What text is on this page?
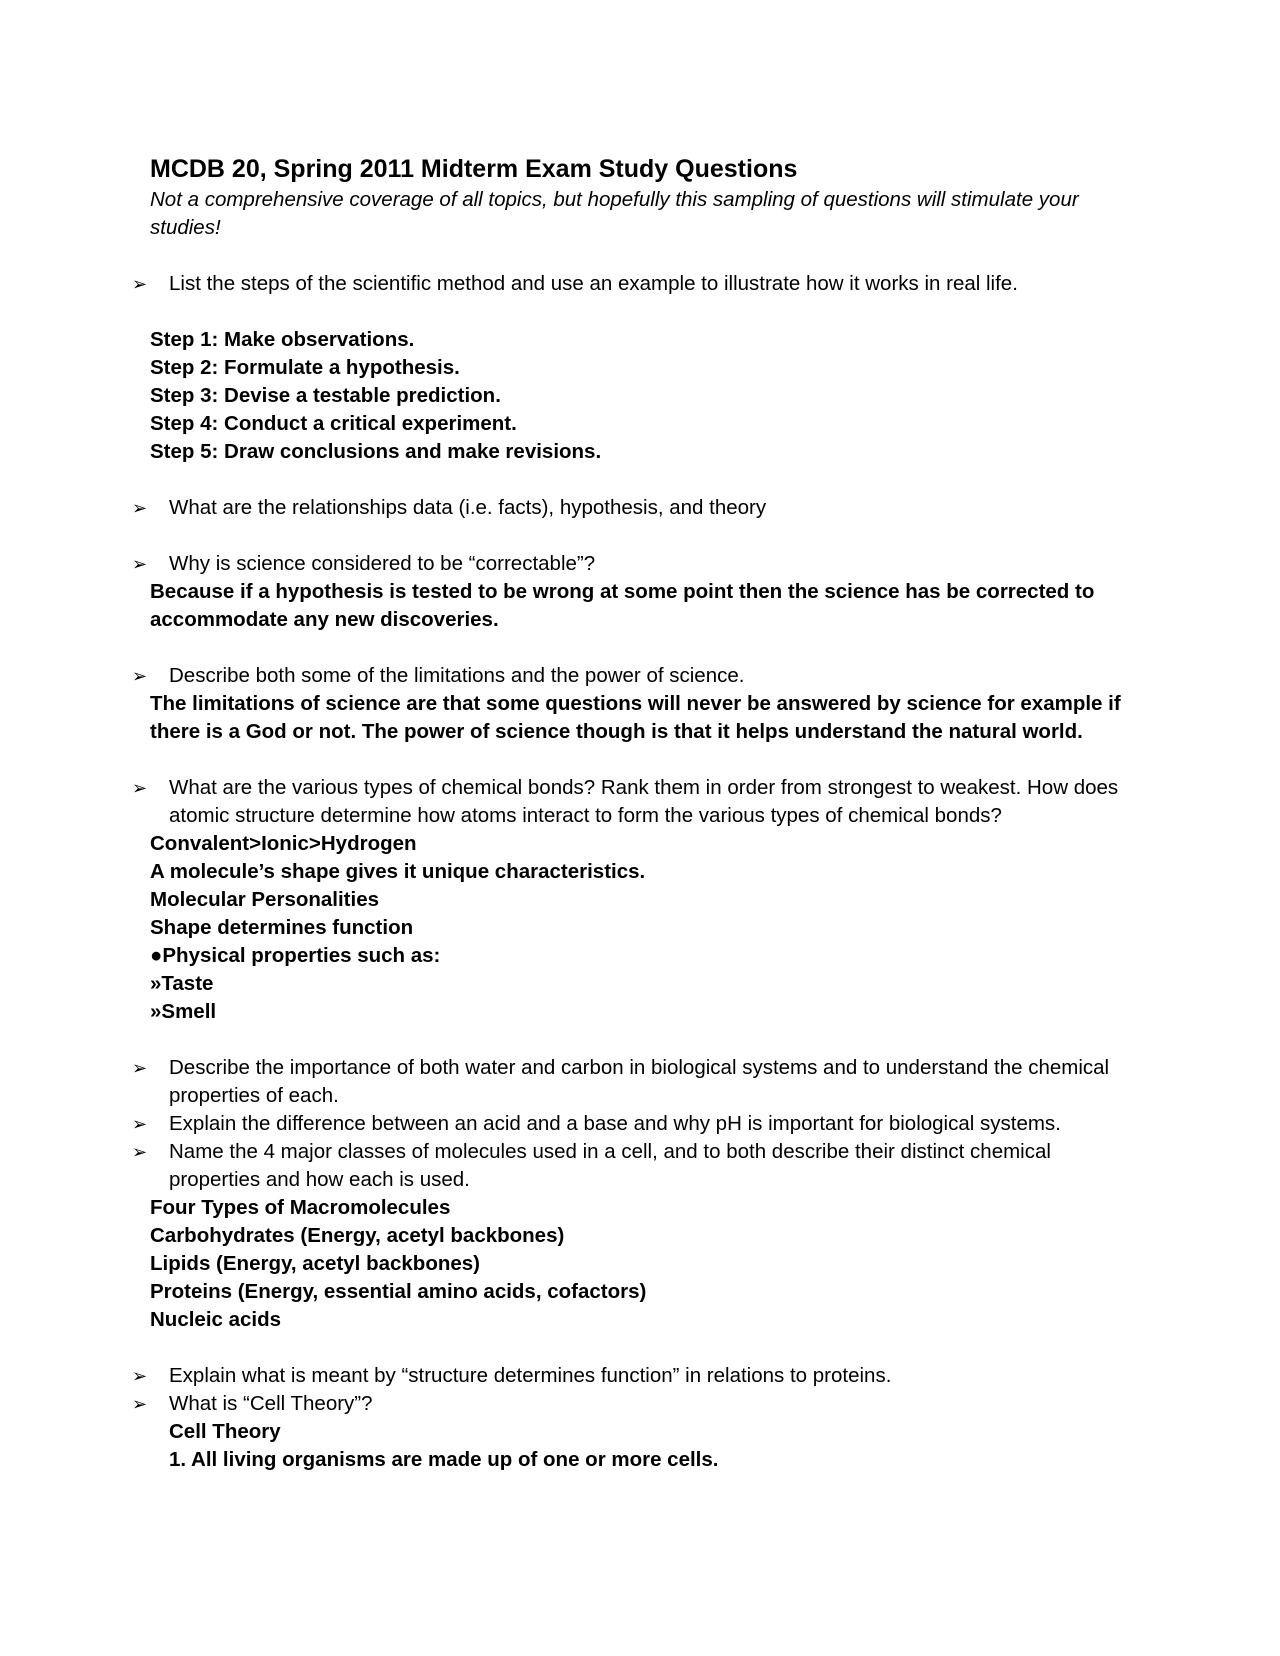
MCDB 20, Spring 2011 Midterm Exam Study Questions
Not a comprehensive coverage of all topics, but hopefully this sampling of questions will stimulate your studies!
➢ List the steps of the scientific method and use an example to illustrate how it works in real life.
Step 1: Make observations.
Step 2: Formulate a hypothesis.
Step 3: Devise a testable prediction.
Step 4: Conduct a critical experiment.
Step 5: Draw conclusions and make revisions.
➢ What are the relationships data (i.e. facts), hypothesis, and theory
➢ Why is science considered to be “correctable”?
Because if a hypothesis is tested to be wrong at some point then the science has be corrected to accommodate any new discoveries.
➢ Describe both some of the limitations and the power of science.
The limitations of science are that some questions will never be answered by science for example if there is a God or not. The power of science though is that it helps understand the natural world.
➢ What are the various types of chemical bonds? Rank them in order from strongest to weakest. How does atomic structure determine how atoms interact to form the various types of chemical bonds?
Convalent>Ionic>Hydrogen
A molecule’s shape gives it unique characteristics.
Molecular Personalities
Shape determines function
●Physical properties such as:
»Taste
»Smell
➢ Describe the importance of both water and carbon in biological systems and to understand the chemical properties of each.
➢ Explain the difference between an acid and a base and why pH is important for biological systems.
➢ Name the 4 major classes of molecules used in a cell, and to both describe their distinct chemical properties and how each is used.
Four Types of Macromolecules
Carbohydrates (Energy, acetyl backbones)
Lipids (Energy, acetyl backbones)
Proteins (Energy, essential amino acids, cofactors)
Nucleic acids
➢ Explain what is meant by “structure determines function” in relations to proteins.
➢ What is “Cell Theory”?
Cell Theory
1. All living organisms are made up of one or more cells.
